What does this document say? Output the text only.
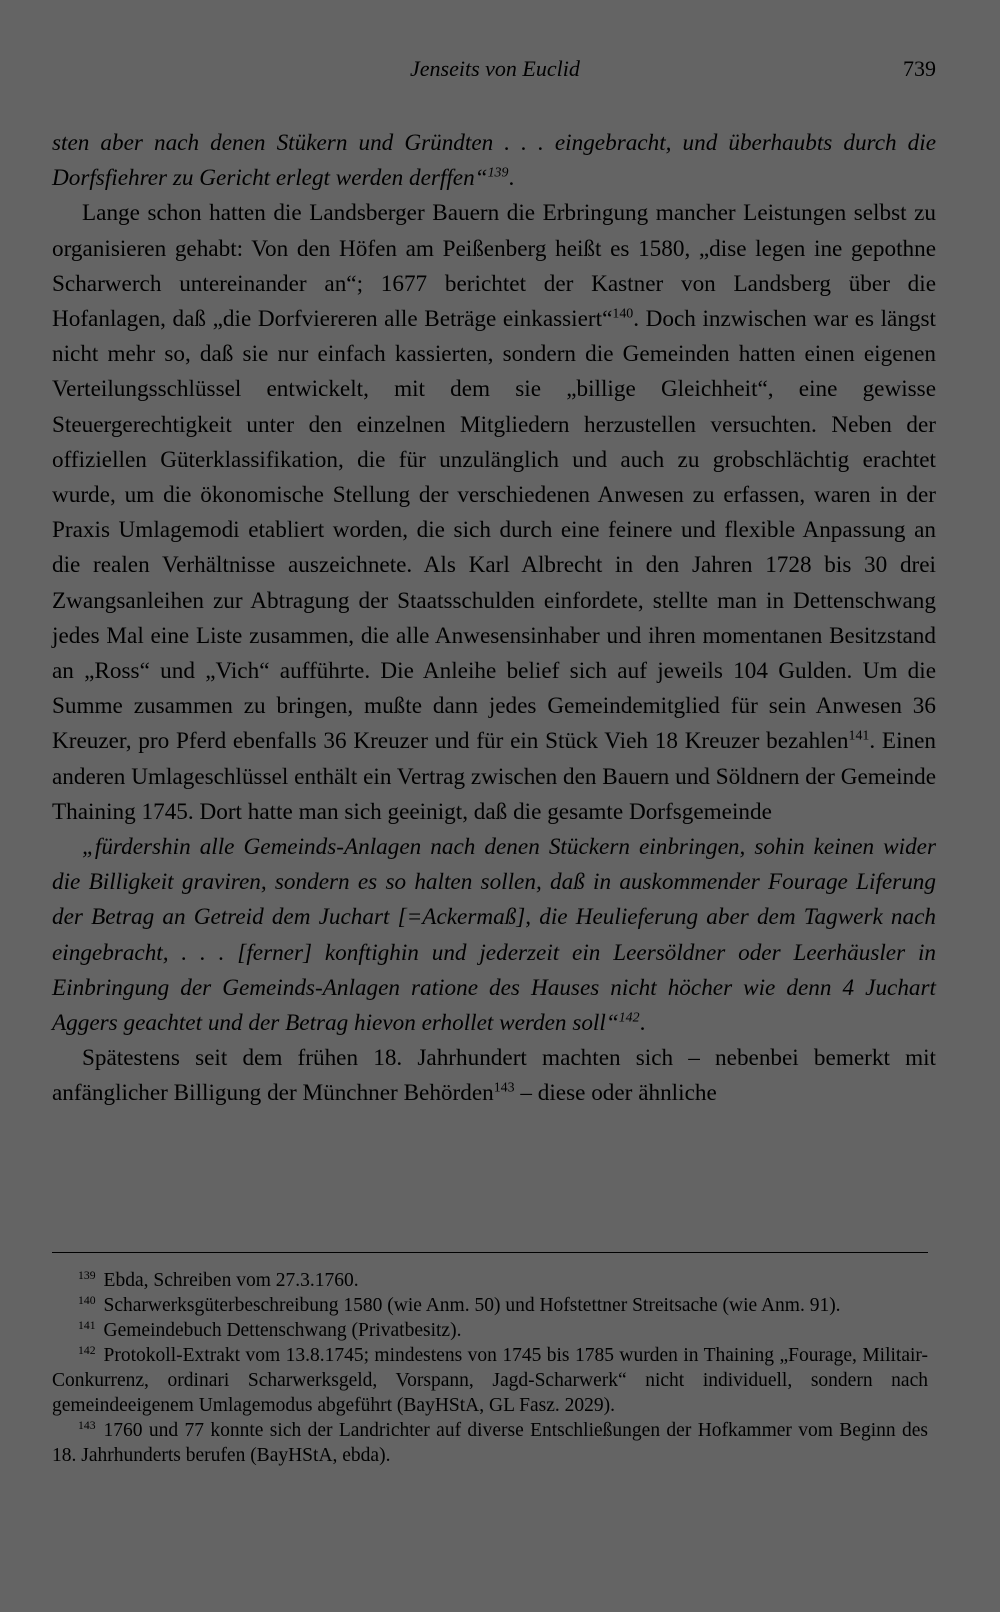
Jenseits von Euclid	739

sten aber nach denen Stükern und Gründten . . . eingebracht, und überhaubts durch die Dorfsfiehrer zu Gericht erlegt werden derffen“$^{139}$.

Lange schon hatten die Landsberger Bauern die Erbringung mancher Leistungen selbst zu organisieren gehabt: Von den Höfen am Peißenberg heißt es 1580, „dise legen ine gepothne Scharwerch untereinander an“; 1677 berichtet der Kastner von Landsberg über die Hofanlagen, daß „die Dorfviereren alle Beträge einkassiert“$^{140}$. Doch inzwischen war es längst nicht mehr so, daß sie nur einfach kassierten, sondern die Gemeinden hatten einen eigenen Verteilungsschlüssel entwickelt, mit dem sie „billige Gleichheit“, eine gewisse Steuergerechtigkeit unter den einzelnen Mitgliedern herzustellen versuchten. Neben der offiziellen Güterklassifikation, die für unzulänglich und auch zu grobschlächtig erachtet wurde, um die ökonomische Stellung der verschiedenen Anwesen zu erfassen, waren in der Praxis Umlagemodi etabliert worden, die sich durch eine feinere und flexible Anpassung an die realen Verhältnisse auszeichnete. Als Karl Albrecht in den Jahren 1728 bis 30 drei Zwangsanleihen zur Abtragung der Staatsschulden einfordete, stellte man in Dettenschwang jedes Mal eine Liste zusammen, die alle Anwesensinhaber und ihren momentanen Besitzstand an „Ross“ und „Vich“ aufführte. Die Anleihe belief sich auf jeweils 104 Gulden. Um die Summe zusammen zu bringen, mußte dann jedes Gemeindemitglied für sein Anwesen 36 Kreuzer, pro Pferd ebenfalls 36 Kreuzer und für ein Stück Vieh 18 Kreuzer bezahlen$^{141}$. Einen anderen Umlageschlüssel enthält ein Vertrag zwischen den Bauern und Söldnern der Gemeinde Thaining 1745. Dort hatte man sich geeinigt, daß die gesamte Dorfsgemeinde

„fürdershin alle Gemeinds-Anlagen nach denen Stückern einbringen, sohin keinen wider die Billigkeit graviren, sondern es so halten sollen, daß in auskommender Fourage Liferung der Betrag an Getreid dem Juchart [=Ackermaß], die Heulieferung aber dem Tagwerk nach eingebracht, . . . [ferner] konftighin und jederzeit ein Leersöldner oder Leerhäusler in Einbringung der Gemeinds-Anlagen ratione des Hauses nicht höcher wie denn 4 Juchart Aggers geachtet und der Betrag hievon erhollet werden soll“$^{142}$.

Spätestens seit dem frühen 18. Jahrhundert machten sich – nebenbei bemerkt mit anfänglicher Billigung der Münchner Behörden$^{143}$ – diese oder ähnliche

$^{139}$ Ebda, Schreiben vom 27.3.1760.

$^{140}$ Scharwerksgüterbeschreibung 1580 (wie Anm. 50) und Hofstettner Streitsache (wie Anm. 91).

$^{141}$ Gemeindebuch Dettenschwang (Privatbesitz).

$^{142}$ Protokoll-Extrakt vom 13.8.1745; mindestens von 1745 bis 1785 wurden in Thaining „Fourage, Militair-Conkurrenz, ordinari Scharwerksgeld, Vorspann, Jagd-Scharwerk“ nicht individuell, sondern nach gemeindeeigenem Umlagemodus abgeführt (BayHStA, GL Fasz. 2029).

$^{143}$ 1760 und 77 konnte sich der Landrichter auf diverse Entschließungen der Hofkammer vom Beginn des 18. Jahrhunderts berufen (BayHStA, ebda).
